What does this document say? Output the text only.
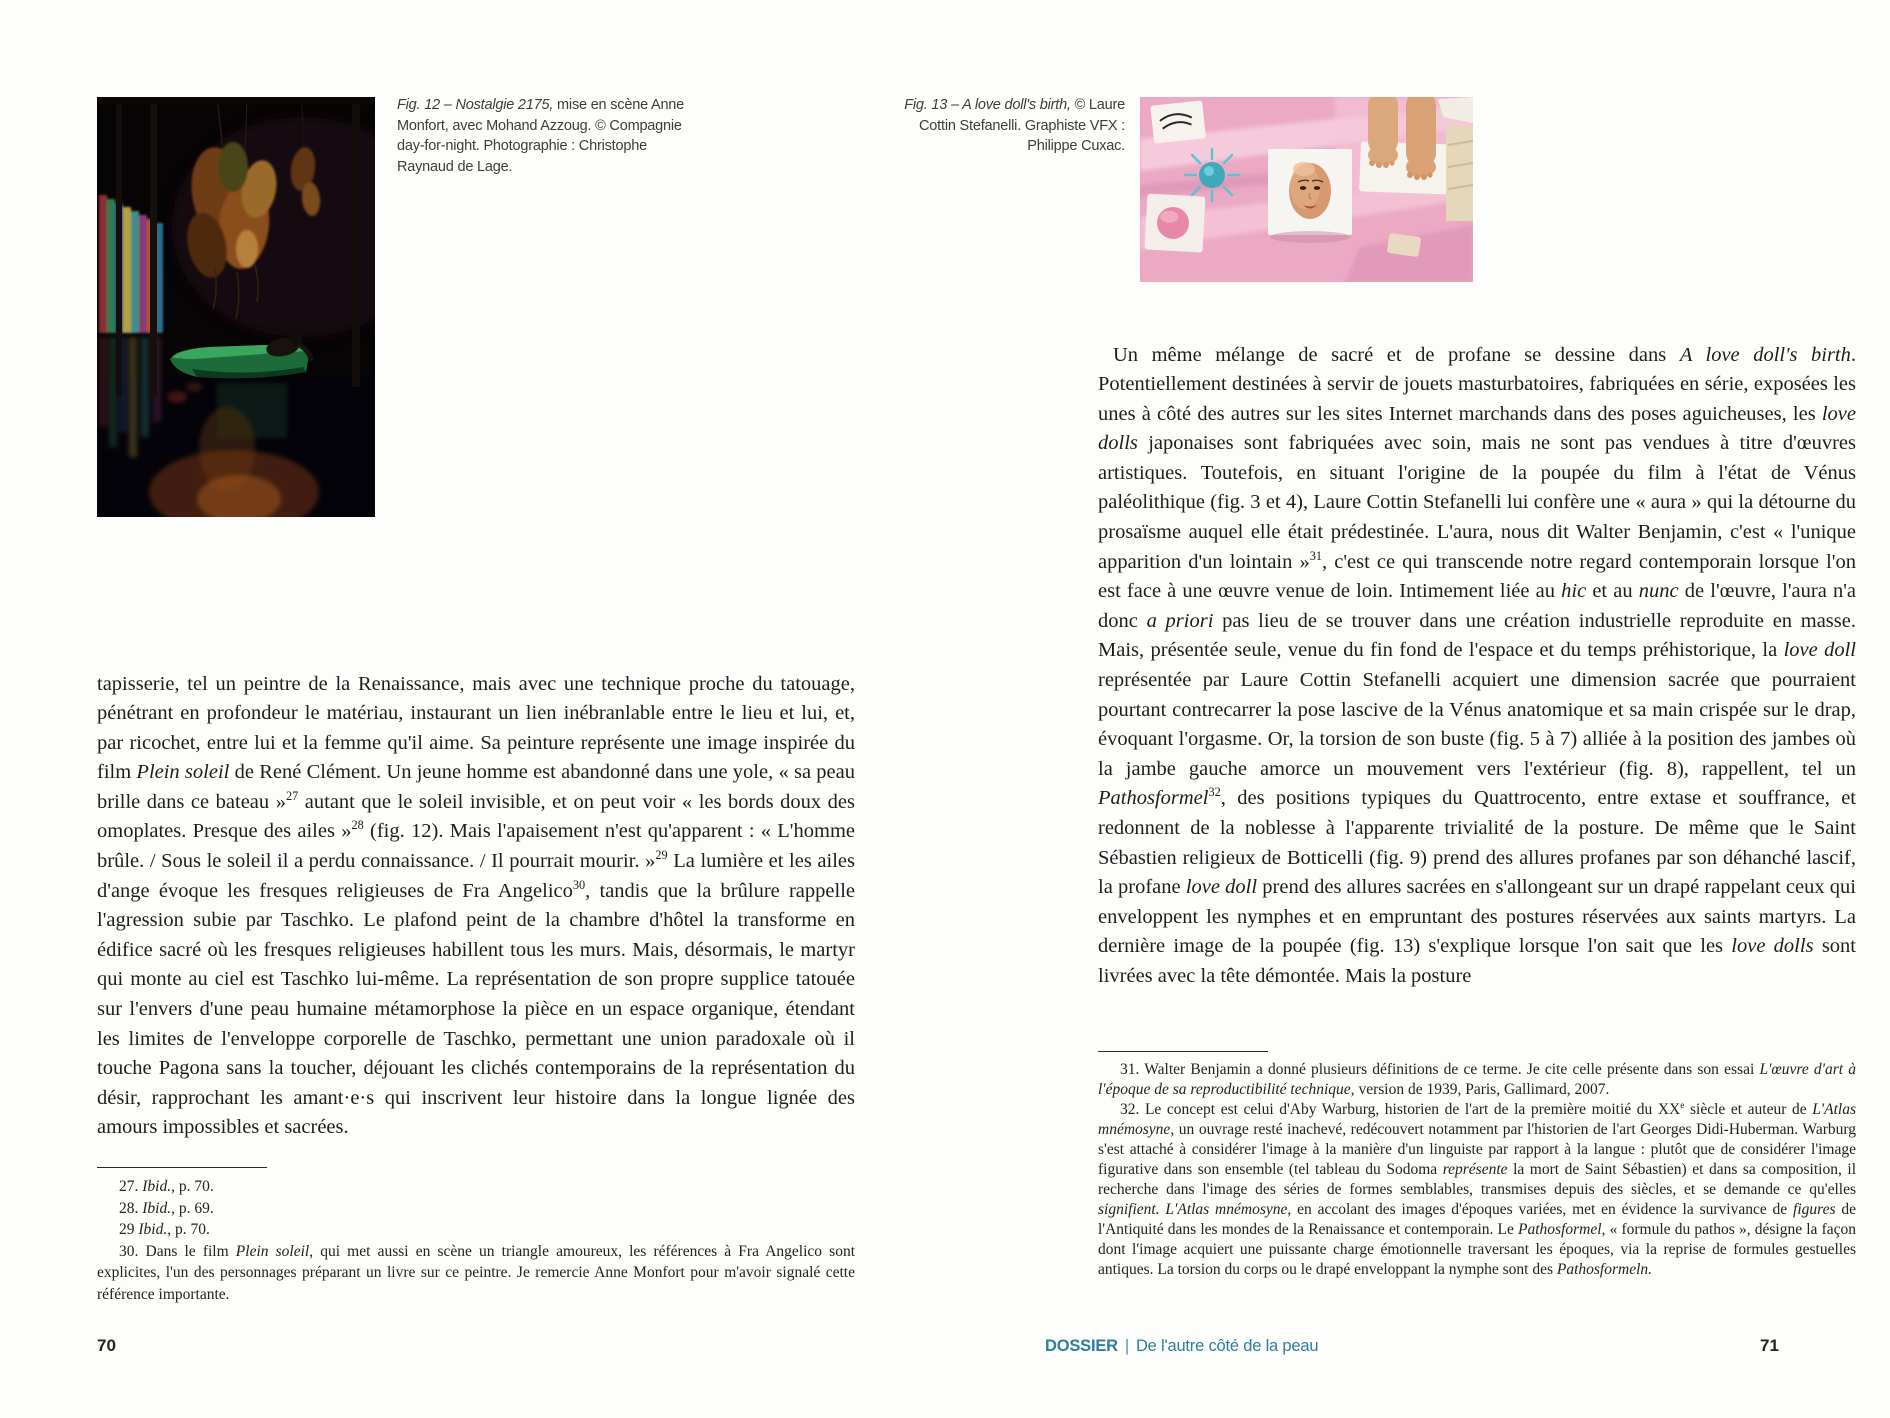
Fig. 12 – Nostalgie 2175, mise en scène Anne Monfort, avec Mohand Azzoug. © Compagnie day-for-night. Photographie : Christophe Raynaud de Lage.

tapisserie, tel un peintre de la Renaissance, mais avec une technique proche du tatouage, pénétrant en profondeur le matériau, instaurant un lien inébranlable entre le lieu et lui, et, par ricochet, entre lui et la femme qu'il aime. Sa peinture représente une image inspirée du film Plein soleil de René Clément. Un jeune homme est abandonné dans une yole, « sa peau brille dans ce bateau »$^{27}$ autant que le soleil invisible, et on peut voir « les bords doux des omoplates. Presque des ailes »$^{28}$ (fig. 12). Mais l'apaisement n'est qu'apparent : « L'homme brûle. / Sous le soleil il a perdu connaissance. / Il pourrait mourir. »$^{29}$ La lumière et les ailes d'ange évoque les fresques religieuses de Fra Angelico$^{30}$, tandis que la brûlure rappelle l'agression subie par Taschko. Le plafond peint de la chambre d'hôtel la transforme en édifice sacré où les fresques religieuses habillent tous les murs. Mais, désormais, le martyr qui monte au ciel est Taschko lui-même. La représentation de son propre supplice tatouée sur l'envers d'une peau humaine métamorphose la pièce en un espace organique, étendant les limites de l'enveloppe corporelle de Taschko, permettant une union paradoxale où il touche Pagona sans la toucher, déjouant les clichés contemporains de la représentation du désir, rapprochant les amant·e·s qui inscrivent leur histoire dans la longue lignée des amours impossibles et sacrées.

27. Ibid., p. 70.

28. Ibid., p. 69.

29 Ibid., p. 70.

30. Dans le film Plein soleil, qui met aussi en scène un triangle amoureux, les références à Fra Angelico sont explicites, l'un des personnages préparant un livre sur ce peintre. Je remercie Anne Monfort pour m'avoir signalé cette référence importante.

70
Fig. 13 – A love doll's birth, © Laure Cottin Stefanelli. Graphiste VFX : Philippe Cuxac.

Un même mélange de sacré et de profane se dessine dans A love doll's birth. Potentiellement destinées à servir de jouets masturbatoires, fabriquées en série, exposées les unes à côté des autres sur les sites Internet marchands dans des poses aguicheuses, les love dolls japonaises sont fabriquées avec soin, mais ne sont pas vendues à titre d'œuvres artistiques. Toutefois, en situant l'origine de la poupée du film à l'état de Vénus paléolithique (fig. 3 et 4), Laure Cottin Stefanelli lui confère une « aura » qui la détourne du prosaïsme auquel elle était prédestinée. L'aura, nous dit Walter Benjamin, c'est « l'unique apparition d'un lointain »$^{31}$, c'est ce qui transcende notre regard contemporain lorsque l'on est face à une œuvre venue de loin. Intimement liée au hic et au nunc de l'œuvre, l'aura n'a donc a priori pas lieu de se trouver dans une création industrielle reproduite en masse. Mais, présentée seule, venue du fin fond de l'espace et du temps préhistorique, la love doll représentée par Laure Cottin Stefanelli acquiert une dimension sacrée que pourraient pourtant contrecarrer la pose lascive de la Vénus anatomique et sa main crispée sur le drap, évoquant l'orgasme. Or, la torsion de son buste (fig. 5 à 7) alliée à la position des jambes où la jambe gauche amorce un mouvement vers l'extérieur (fig. 8), rappellent, tel un Pathosformel$^{32}$, des positions typiques du Quattrocento, entre extase et souffrance, et redonnent de la noblesse à l'apparente trivialité de la posture. De même que le Saint Sébastien religieux de Botticelli (fig. 9) prend des allures profanes par son déhanché lascif, la profane love doll prend des allures sacrées en s'allongeant sur un drapé rappelant ceux qui enveloppent les nymphes et en empruntant des postures réservées aux saints martyrs. La dernière image de la poupée (fig. 13) s'explique lorsque l'on sait que les love dolls sont livrées avec la tête démontée. Mais la posture

31. Walter Benjamin a donné plusieurs définitions de ce terme. Je cite celle présente dans son essai L'œuvre d'art à l'époque de sa reproductibilité technique, version de 1939, Paris, Gallimard, 2007.

32. Le concept est celui d'Aby Warburg, historien de l'art de la première moitié du XXe siècle et auteur de L'Atlas mnémosyne, un ouvrage resté inachevé, redécouvert notamment par l'historien de l'art Georges Didi-Huberman. Warburg s'est attaché à considérer l'image à la manière d'un linguiste par rapport à la langue : plutôt que de considérer l'image figurative dans son ensemble (tel tableau du Sodoma représente la mort de Saint Sébastien) et dans sa composition, il recherche dans l'image des séries de formes semblables, transmises depuis des siècles, et se demande ce qu'elles signifient. L'Atlas mnémosyne, en accolant des images d'époques variées, met en évidence la survivance de figures de l'Antiquité dans les mondes de la Renaissance et contemporain. Le Pathosformel, « formule du pathos », désigne la façon dont l'image acquiert une puissante charge émotionnelle traversant les époques, via la reprise de formules gestuelles antiques. La torsion du corps ou le drapé enveloppant la nymphe sont des Pathosformeln.

DOSSIER | De l'autre côté de la peau	71
